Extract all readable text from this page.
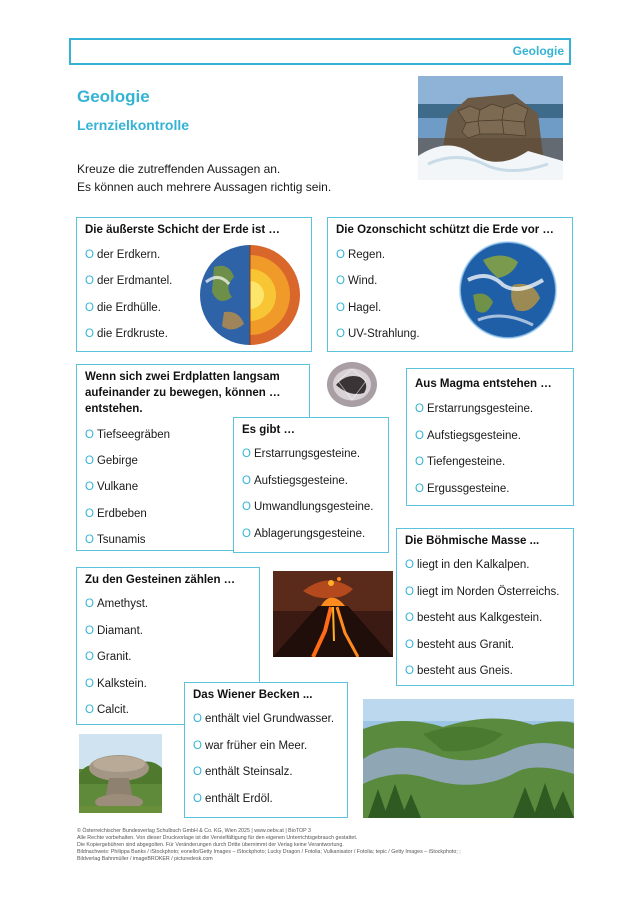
Geologie
Geologie
Lernzielkontrolle
Kreuze die zutreffenden Aussagen an.
Es können auch mehrere Aussagen richtig sein.
Die äußerste Schicht der Erde ist …
O der Erdkern.
O der Erdmantel.
O die Erdhülle.
O die Erdkruste.
Die Ozonschicht schützt die Erde vor …
O Regen.
O Wind.
O Hagel.
O UV-Strahlung.
Wenn sich zwei Erdplatten langsam
aufeinander zu bewegen, können …
entstehen.
O Tiefseegräben
O Gebirge
O Vulkane
O Erdbeben
O Tsunamis
Es gibt …
O Erstarrungsgesteine.
O Aufstiegsgesteine.
O Umwandlungsgesteine.
O Ablagerungsgesteine.
Aus Magma entstehen …
O Erstarrungsgesteine.
O Aufstiegsgesteine.
O Tiefengesteine.
O Ergussgesteine.
Die Böhmische Masse ...
O liegt in den Kalkalpen.
O liegt im Norden Österreichs.
O besteht aus Kalkgestein.
O besteht aus Granit.
O besteht aus Gneis.
Zu den Gesteinen zählen …
O Amethyst.
O Diamant.
O Granit.
O Kalkstein.
O Calcit.
Das Wiener Becken ...
O enthält viel Grundwasser.
O war früher ein Meer.
O enthält Steinsalz.
O enthält Erdöl.
© Österreichischer Bundesverlag Schulbuch GmbH & Co. KG, Wien 2025 | www.oebv.at | BioTOP 3
Alle Rechte vorbehalten. Von dieser Druckvorlage ist die Vervielfältigung für den eigenen Unterrichtsgebrauch gestattet.
Die Kopiergebühren sind abgegolten. Für Veränderungen durch Dritte übernimmt der Verlag keine Verantwortung.
Bildnachweis: Philippa Banks / iStockphoto; eonello/Getty Images – iStockphoto; Lucky Dragon / Fotolia; Vulkanisator / Fotolia; tepic / Getty Images – iStockphoto; ;
Bildverlag Bahnmüller / imageBROKER / picturedesk.com
